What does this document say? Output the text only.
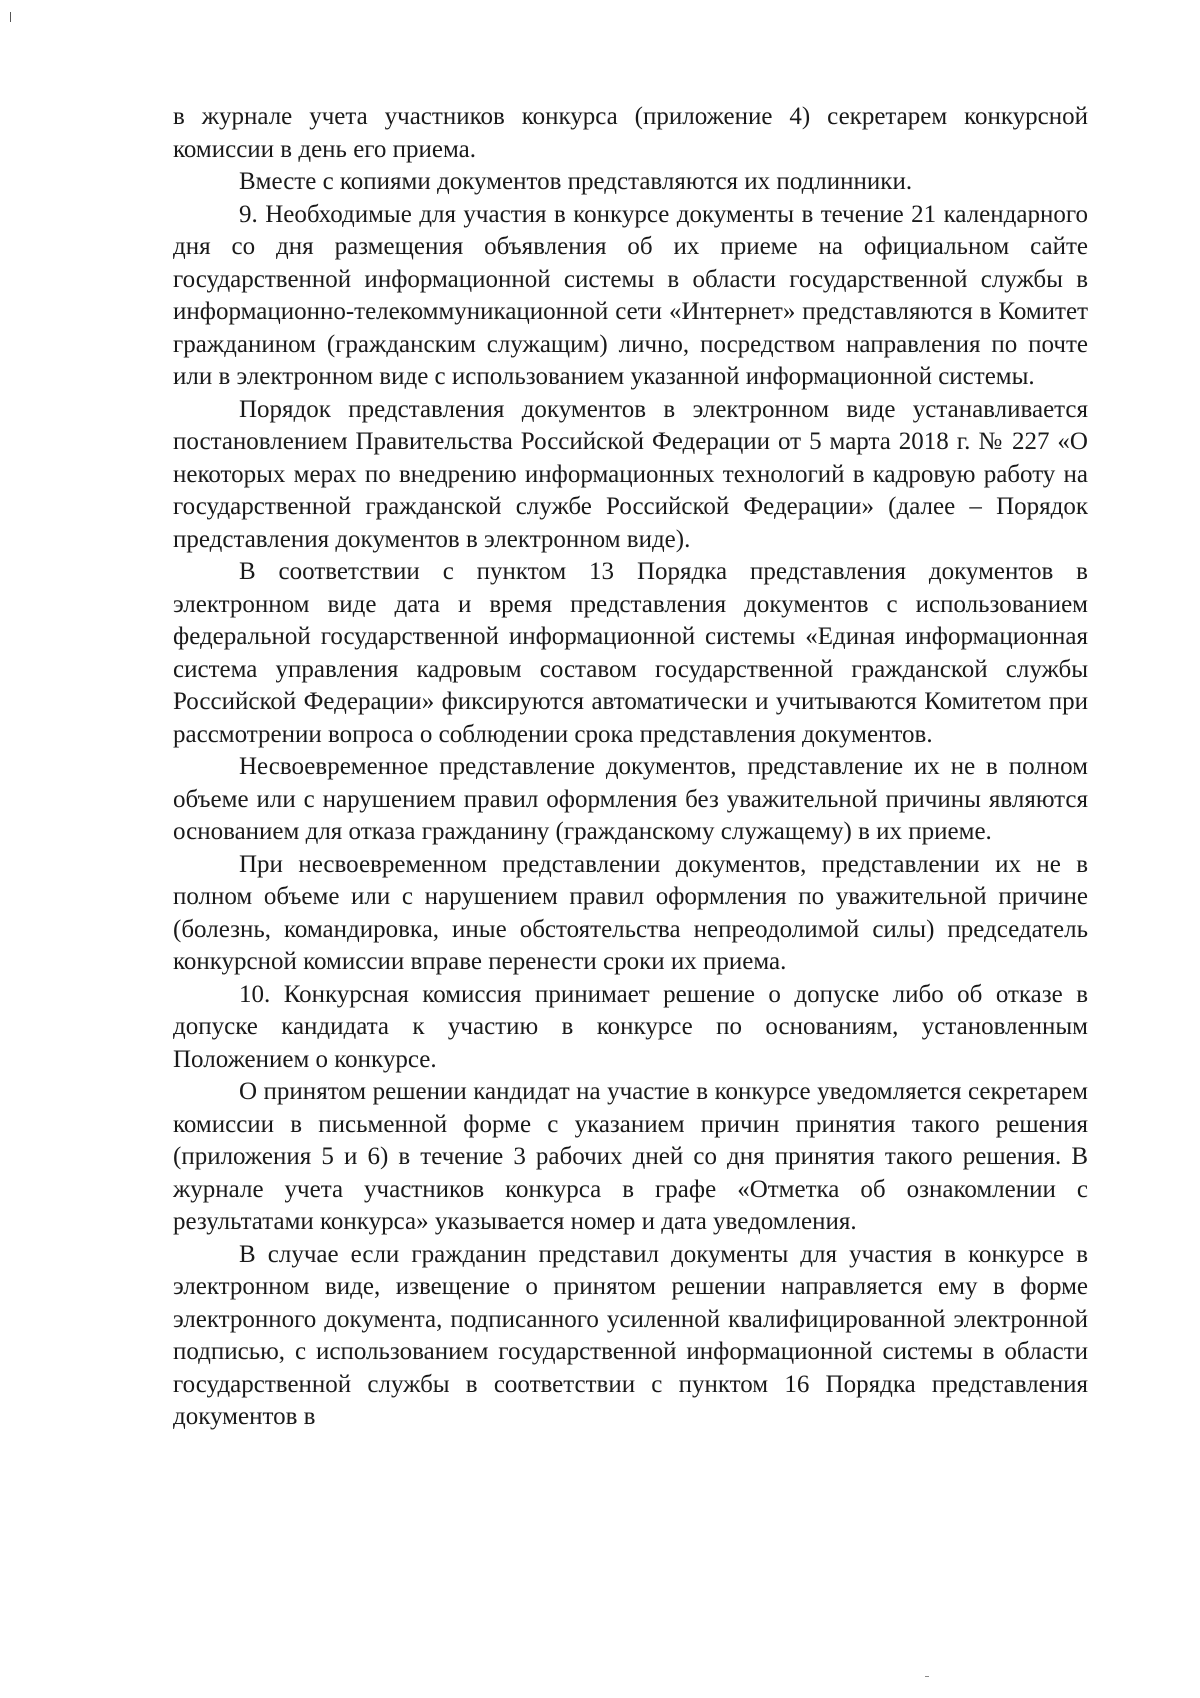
в журнале учета участников конкурса (приложение 4) секретарем конкурсной комиссии в день его приема.

Вместе с копиями документов представляются их подлинники.

9. Необходимые для участия в конкурсе документы в течение 21 календарного дня со дня размещения объявления об их приеме на официальном сайте государственной информационной системы в области государственной службы в информационно-телекоммуникационной сети «Интернет» представляются в Комитет гражданином (гражданским служащим) лично, посредством направления по почте или в электронном виде с использованием указанной информационной системы.

Порядок представления документов в электронном виде устанавливается постановлением Правительства Российской Федерации от 5 марта 2018 г. № 227 «О некоторых мерах по внедрению информационных технологий в кадровую работу на государственной гражданской службе Российской Федерации» (далее – Порядок представления документов в электронном виде).

В соответствии с пунктом 13 Порядка представления документов в электронном виде дата и время представления документов с использованием федеральной государственной информационной системы «Единая информационная система управления кадровым составом государственной гражданской службы Российской Федерации» фиксируются автоматически и учитываются Комитетом при рассмотрении вопроса о соблюдении срока представления документов.

Несвоевременное представление документов, представление их не в полном объеме или с нарушением правил оформления без уважительной причины являются основанием для отказа гражданину (гражданскому служащему) в их приеме.

При несвоевременном представлении документов, представлении их не в полном объеме или с нарушением правил оформления по уважительной причине (болезнь, командировка, иные обстоятельства непреодолимой силы) председатель конкурсной комиссии вправе перенести сроки их приема.

10. Конкурсная комиссия принимает решение о допуске либо об отказе в допуске кандидата к участию в конкурсе по основаниям, установленным Положением о конкурсе.

О принятом решении кандидат на участие в конкурсе уведомляется секретарем комиссии в письменной форме с указанием причин принятия такого решения (приложения 5 и 6) в течение 3 рабочих дней со дня принятия такого решения. В журнале учета участников конкурса в графе «Отметка об ознакомлении с результатами конкурса» указывается номер и дата уведомления.

В случае если гражданин представил документы для участия в конкурсе в электронном виде, извещение о принятом решении направляется ему в форме электронного документа, подписанного усиленной квалифицированной электронной подписью, с использованием государственной информационной системы в области государственной службы в соответствии с пунктом 16 Порядка представления документов в
